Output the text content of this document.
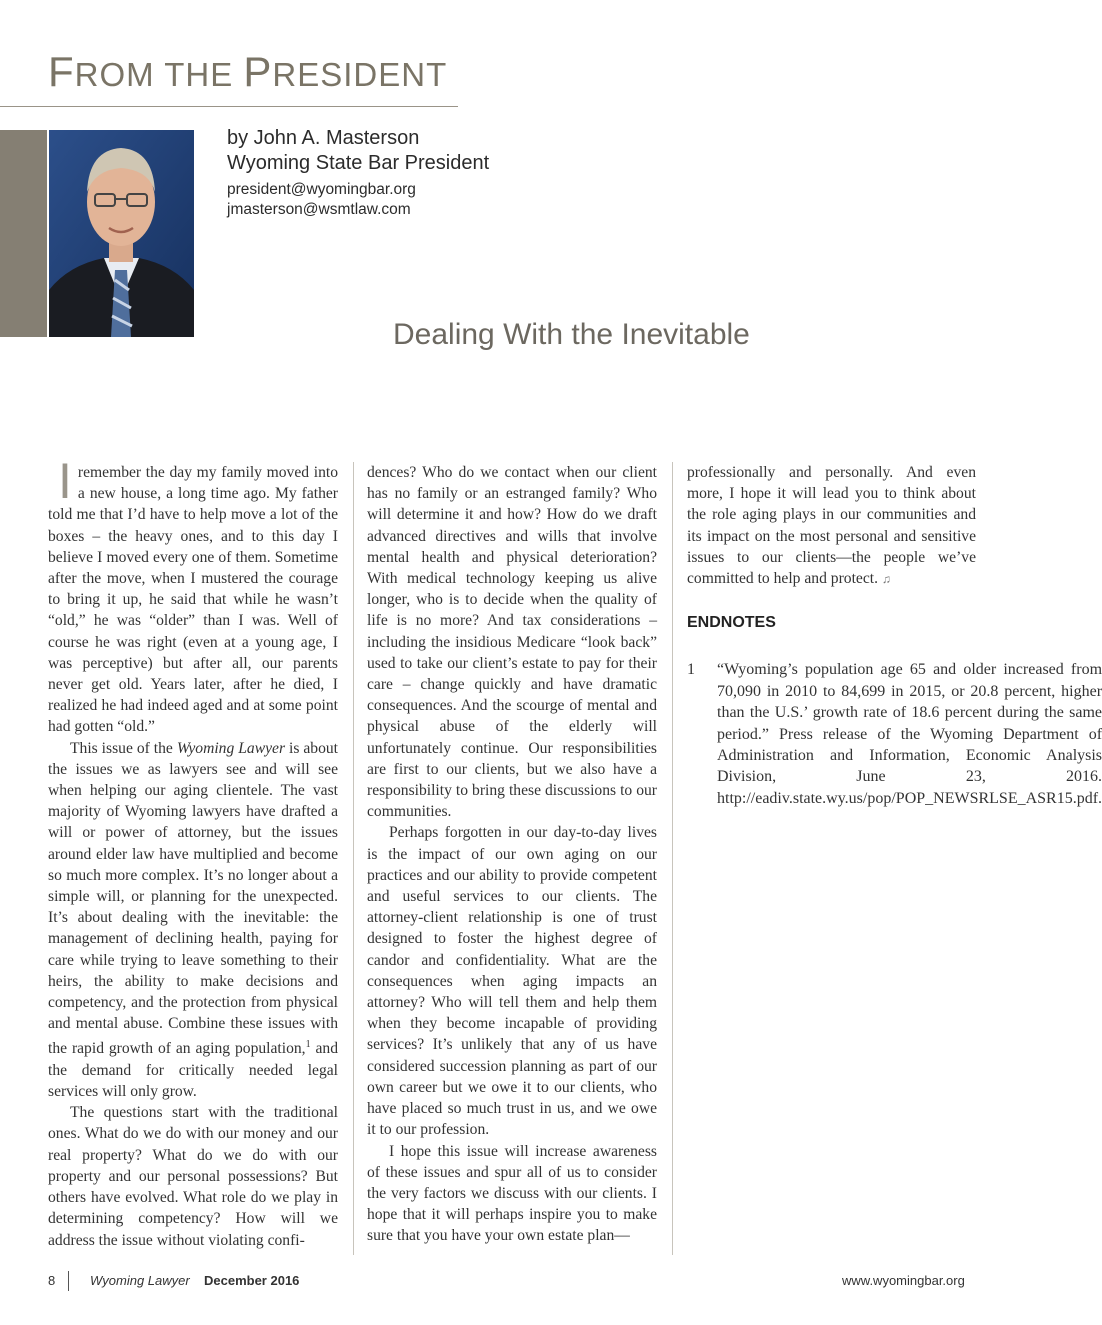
FROM THE PRESIDENT
by John A. Masterson
Wyoming State Bar President
president@wyomingbar.org
jmasterson@wsmtlaw.com
Dealing With the Inevitable

Iremember the day my family moved into a new house, a long time ago. My father told me that I’d have to help move a lot of the boxes – the heavy ones, and to this day I believe I moved every one of them. Sometime after the move, when I mustered the courage to bring it up, he said that while he wasn’t “old,” he was “older” than I was. Well of course he was right (even at a young age, I was perceptive) but after all, our parents never get old. Years later, after he died, I realized he had indeed aged and at some point had gotten “old.”

This issue of the Wyoming Lawyer is about the issues we as lawyers see and will see when helping our aging clientele. The vast majority of Wyoming lawyers have drafted a will or power of attorney, but the issues around elder law have multiplied and become so much more complex. It’s no longer about a simple will, or planning for the unexpected. It’s about dealing with the inevitable: the management of declining health, paying for care while trying to leave something to their heirs, the ability to make decisions and competency, and the protection from physical and mental abuse. Combine these issues with the rapid growth of an aging population,$^1$ and the demand for critically needed legal services will only grow.

The questions start with the traditional ones. What do we do with our money and our real property? What do we do with our property and our personal possessions? But others have evolved. What role do we play in determining competency? How will we address the issue without violating confi-

dences? Who do we contact when our client has no family or an estranged family? Who will determine it and how? How do we draft advanced directives and wills that involve mental health and physical deterioration? With medical technology keeping us alive longer, who is to decide when the quality of life is no more? And tax considerations – including the insidious Medicare “look back” used to take our client’s estate to pay for their care – change quickly and have dramatic consequences. And the scourge of mental and physical abuse of the elderly will unfortunately continue. Our responsibilities are first to our clients, but we also have a responsibility to bring these discussions to our communities.

Perhaps forgotten in our day-to-day lives is the impact of our own aging on our practices and our ability to provide competent and useful services to our clients. The attorney-client relationship is one of trust designed to foster the highest degree of candor and confidentiality. What are the consequences when aging impacts an attorney? Who will tell them and help them when they become incapable of providing services? It’s unlikely that any of us have considered succession planning as part of our own career but we owe it to our clients, who have placed so much trust in us, and we owe it to our profession.

I hope this issue will increase awareness of these issues and spur all of us to consider the very factors we discuss with our clients. I hope that it will perhaps inspire you to make sure that you have your own estate plan—

professionally and personally. And even more, I hope it will lead you to think about the role aging plays in our communities and its impact on the most personal and sensitive issues to our clients—the people we’ve committed to help and protect. ♫

ENDNOTES
1	“Wyoming’s population age 65 and older increased from 70,090 in 2010 to 84,699 in 2015, or 20.8 percent, higher than the U.S.’ growth rate of 18.6 percent during the same period.” Press release of the Wyoming Department of Administration and Information, Economic Analysis Division, June 23, 2016. http://eadiv.state.wy.us/pop/POP_NEWSRLSE_ASR15.pdf.
8	Wyoming Lawyer December 2016	www.wyomingbar.org
